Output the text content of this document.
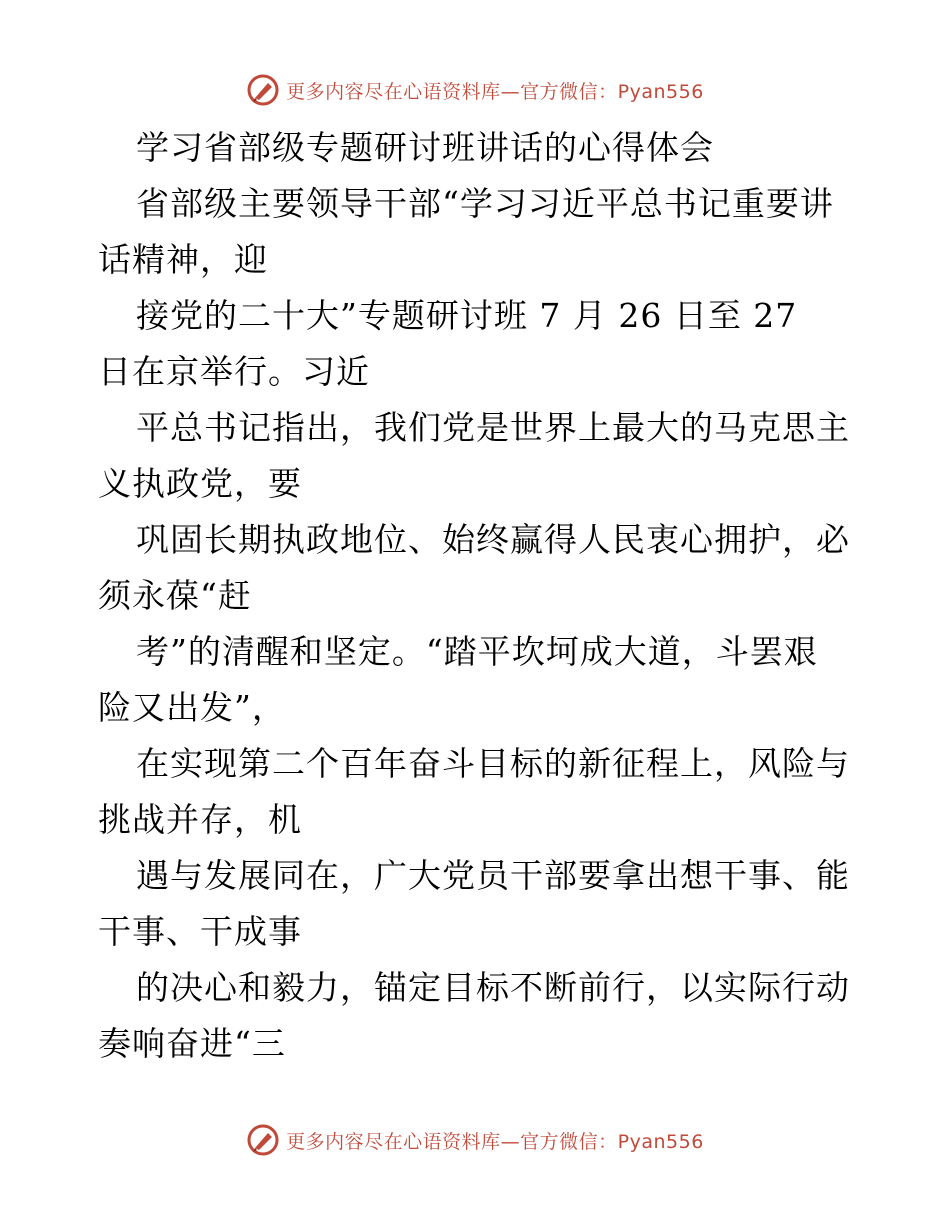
更多内容尽在心语资料库—官方微信：Pyan556
学习省部级专题研讨班讲话的心得体会
省部级主要领导干部“学习习近平总书记重要讲
话精神，迎
接党的二十大”专题研讨班 7 月 26 日至 27
日在京举行。习近
平总书记指出，我们党是世界上最大的马克思主
义执政党，要
巩固长期执政地位、始终赢得人民衷心拥护，必
须永葆“赶
考”的清醒和坚定。“踏平坎坷成大道，斗罢艰
险又出发”，
在实现第二个百年奋斗目标的新征程上，风险与
挑战并存，机
遇与发展同在，广大党员干部要拿出想干事、能
干事、干成事
的决心和毅力，锚定目标不断前行，以实际行动
奏响奋进“三
更多内容尽在心语资料库—官方微信：Pyan556
